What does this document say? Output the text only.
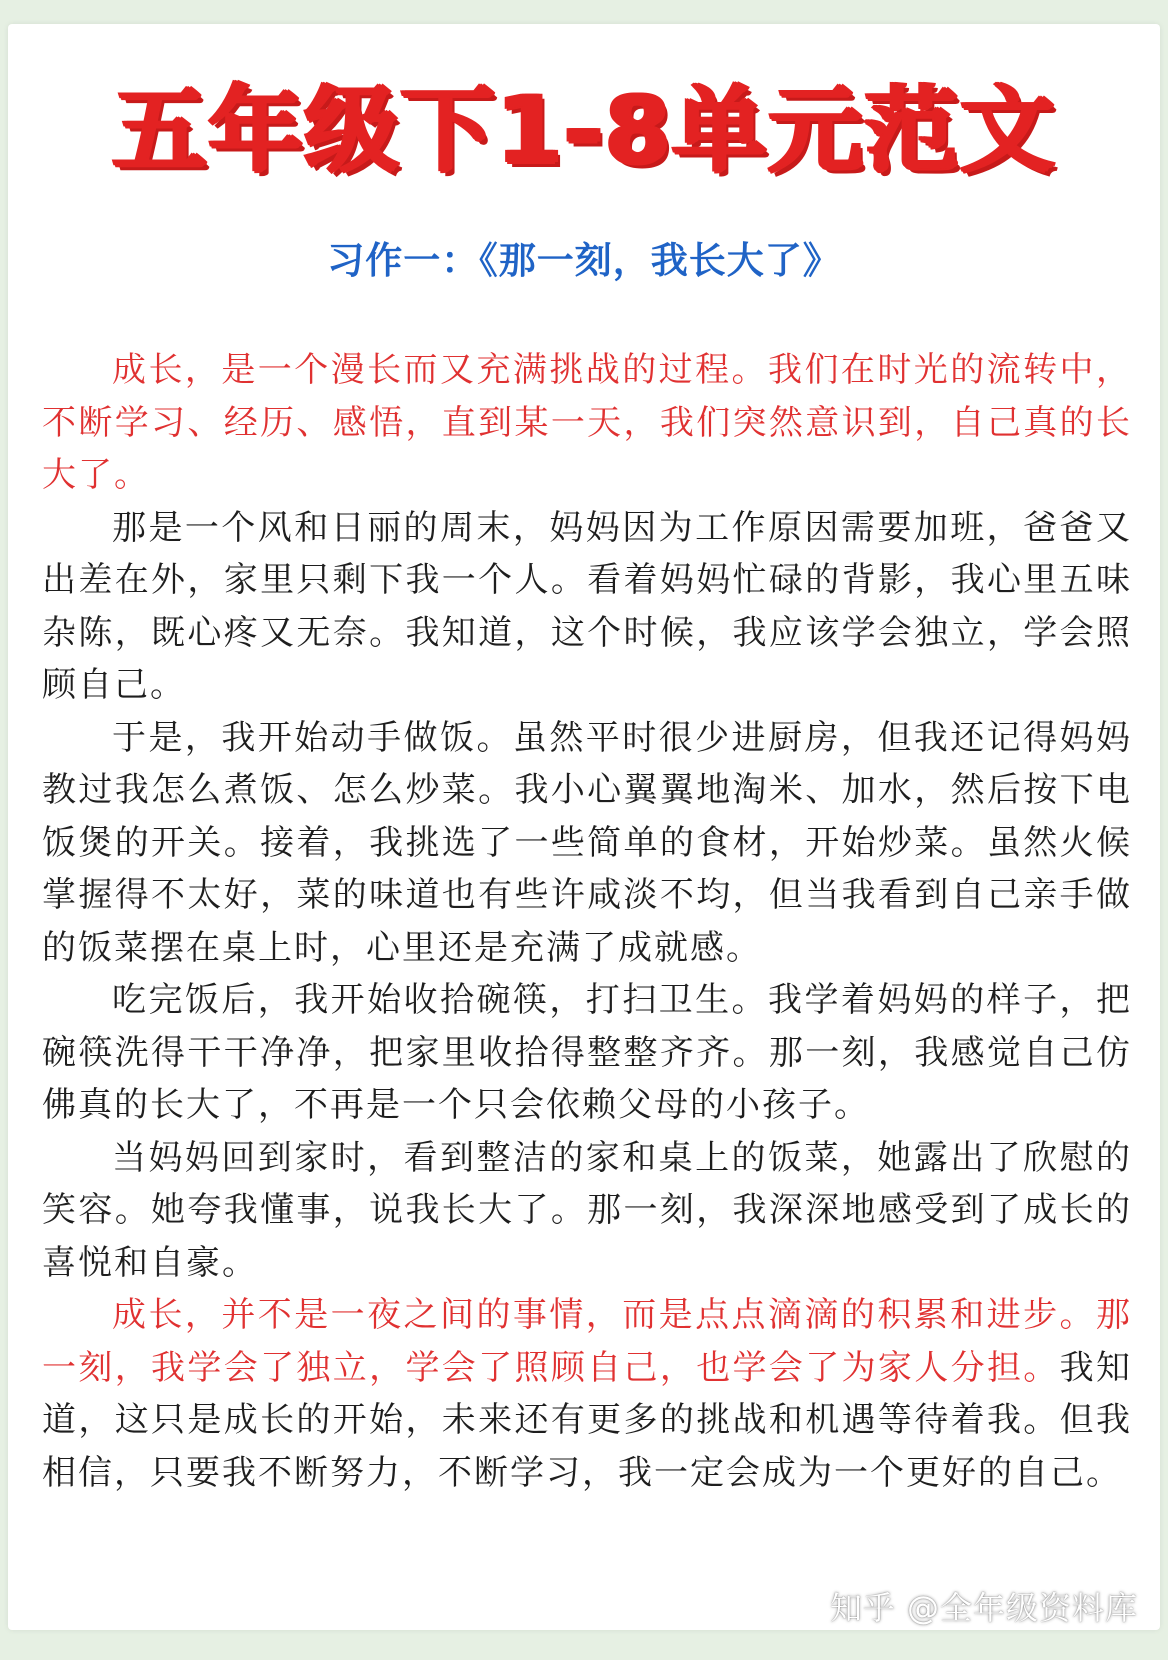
五年级下1-8单元范文
习作一：《那一刻，我长大了》

成长，是一个漫长而又充满挑战的过程。我们在时光的流转中，不断学习、经历、感悟，直到某一天，我们突然意识到，自己真的长大了。

那是一个风和日丽的周末，妈妈因为工作原因需要加班，爸爸又出差在外，家里只剩下我一个人。看着妈妈忙碌的背影，我心里五味杂陈，既心疼又无奈。我知道，这个时候，我应该学会独立，学会照顾自己。

于是，我开始动手做饭。虽然平时很少进厨房，但我还记得妈妈教过我怎么煮饭、怎么炒菜。我小心翼翼地淘米、加水，然后按下电饭煲的开关。接着，我挑选了一些简单的食材，开始炒菜。虽然火候掌握得不太好，菜的味道也有些许咸淡不均，但当我看到自己亲手做的饭菜摆在桌上时，心里还是充满了成就感。

吃完饭后，我开始收拾碗筷，打扫卫生。我学着妈妈的样子，把碗筷洗得干干净净，把家里收拾得整整齐齐。那一刻，我感觉自己仿佛真的长大了，不再是一个只会依赖父母的小孩子。

当妈妈回到家时，看到整洁的家和桌上的饭菜，她露出了欣慰的笑容。她夸我懂事，说我长大了。那一刻，我深深地感受到了成长的喜悦和自豪。

成长，并不是一夜之间的事情，而是点点滴滴的积累和进步。那一刻，我学会了独立，学会了照顾自己，也学会了为家人分担。我知道，这只是成长的开始，未来还有更多的挑战和机遇等待着我。但我相信，只要我不断努力，不断学习，我一定会成为一个更好的自己。

知乎 @全年级资料库
